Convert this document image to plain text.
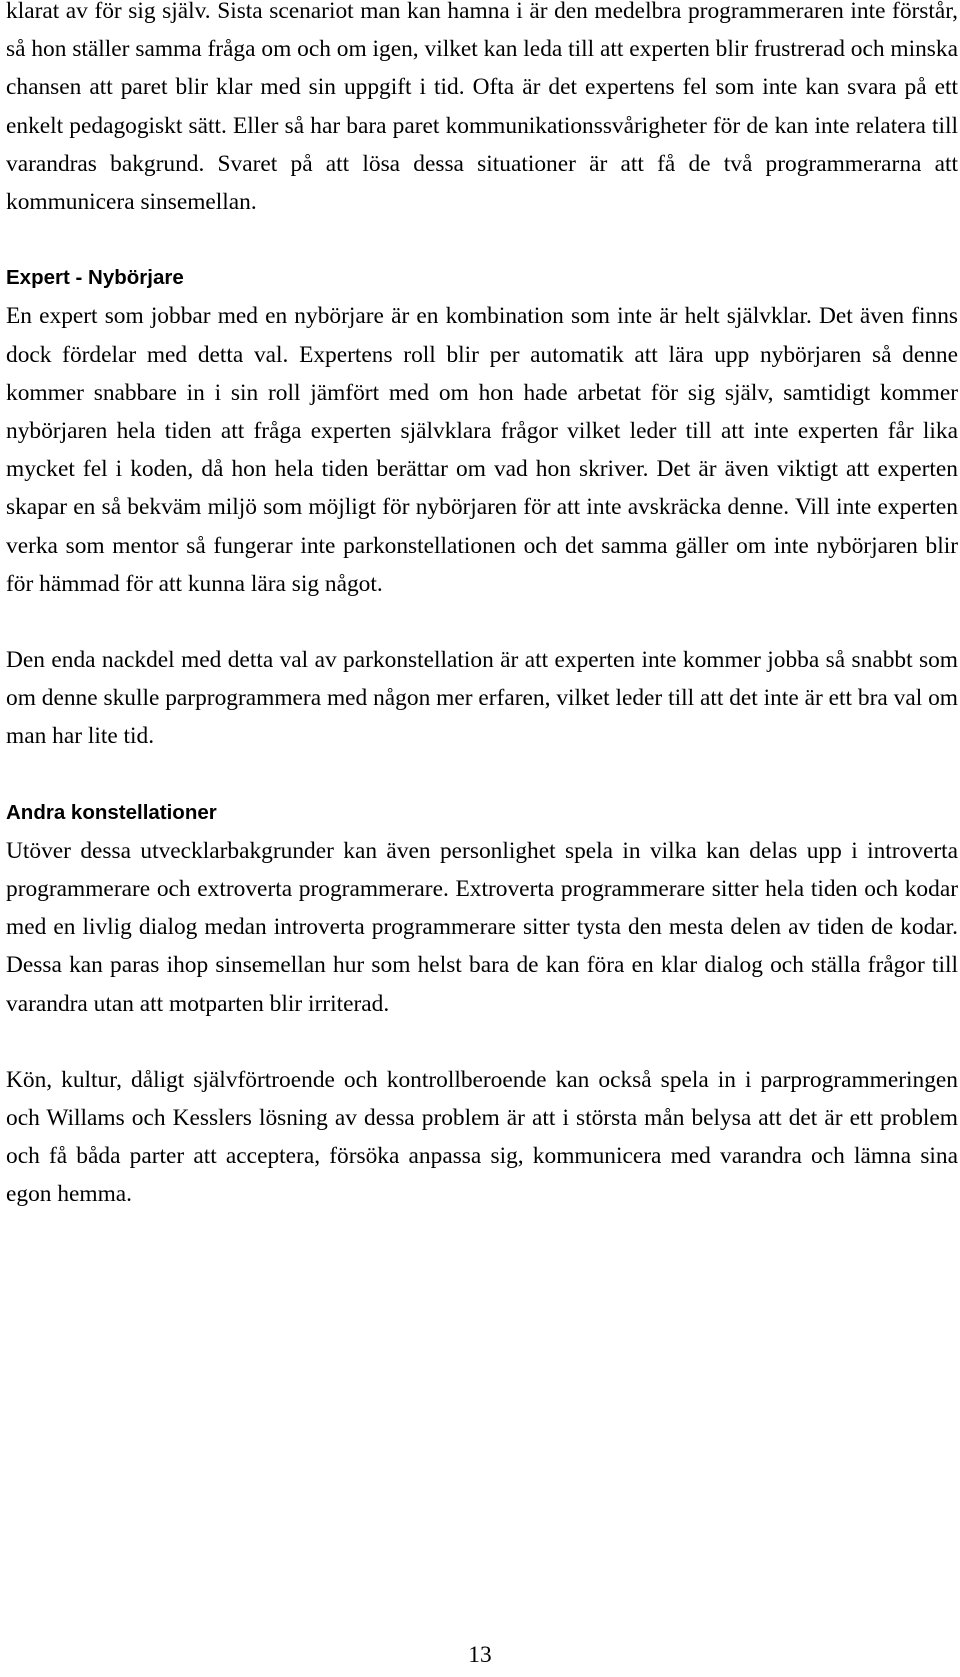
klarat av för sig själv. Sista scenariot man kan hamna i är den medelbra programmeraren inte förstår, så hon ställer samma fråga om och om igen, vilket kan leda till att experten blir frustrerad och minska chansen att paret blir klar med sin uppgift i tid. Ofta är det expertens fel som inte kan svara på ett enkelt pedagogiskt sätt. Eller så har bara paret kommunikationssvårigheter för de kan inte relatera till varandras bakgrund. Svaret på att lösa dessa situationer är att få de två programmerarna att kommunicera sinsemellan.

Expert - Nybörjare

En expert som jobbar med en nybörjare är en kombination som inte är helt självklar. Det även finns dock fördelar med detta val. Expertens roll blir per automatik att lära upp nybörjaren så denne kommer snabbare in i sin roll jämfört med om hon hade arbetat för sig själv, samtidigt kommer nybörjaren hela tiden att fråga experten självklara frågor vilket leder till att inte experten får lika mycket fel i koden, då hon hela tiden berättar om vad hon skriver. Det är även viktigt att experten skapar en så bekväm miljö som möjligt för nybörjaren för att inte avskräcka denne. Vill inte experten verka som mentor så fungerar inte parkonstellationen och det samma gäller om inte nybörjaren blir för hämmad för att kunna lära sig något.

Den enda nackdel med detta val av parkonstellation är att experten inte kommer jobba så snabbt som om denne skulle parprogrammera med någon mer erfaren, vilket leder till att det inte är ett bra val om man har lite tid.

Andra konstellationer

Utöver dessa utvecklarbakgrunder kan även personlighet spela in vilka kan delas upp i introverta programmerare och extroverta programmerare. Extroverta programmerare sitter hela tiden och kodar med en livlig dialog medan introverta programmerare sitter tysta den mesta delen av tiden de kodar. Dessa kan paras ihop sinsemellan hur som helst bara de kan föra en klar dialog och ställa frågor till varandra utan att motparten blir irriterad.

Kön, kultur, dåligt självförtroende och kontrollberoende kan också spela in i parprogrammeringen och Willams och Kesslers lösning av dessa problem är att i största mån belysa att det är ett problem och få båda parter att acceptera, försöka anpassa sig, kommunicera med varandra och lämna sina egon hemma.

13
